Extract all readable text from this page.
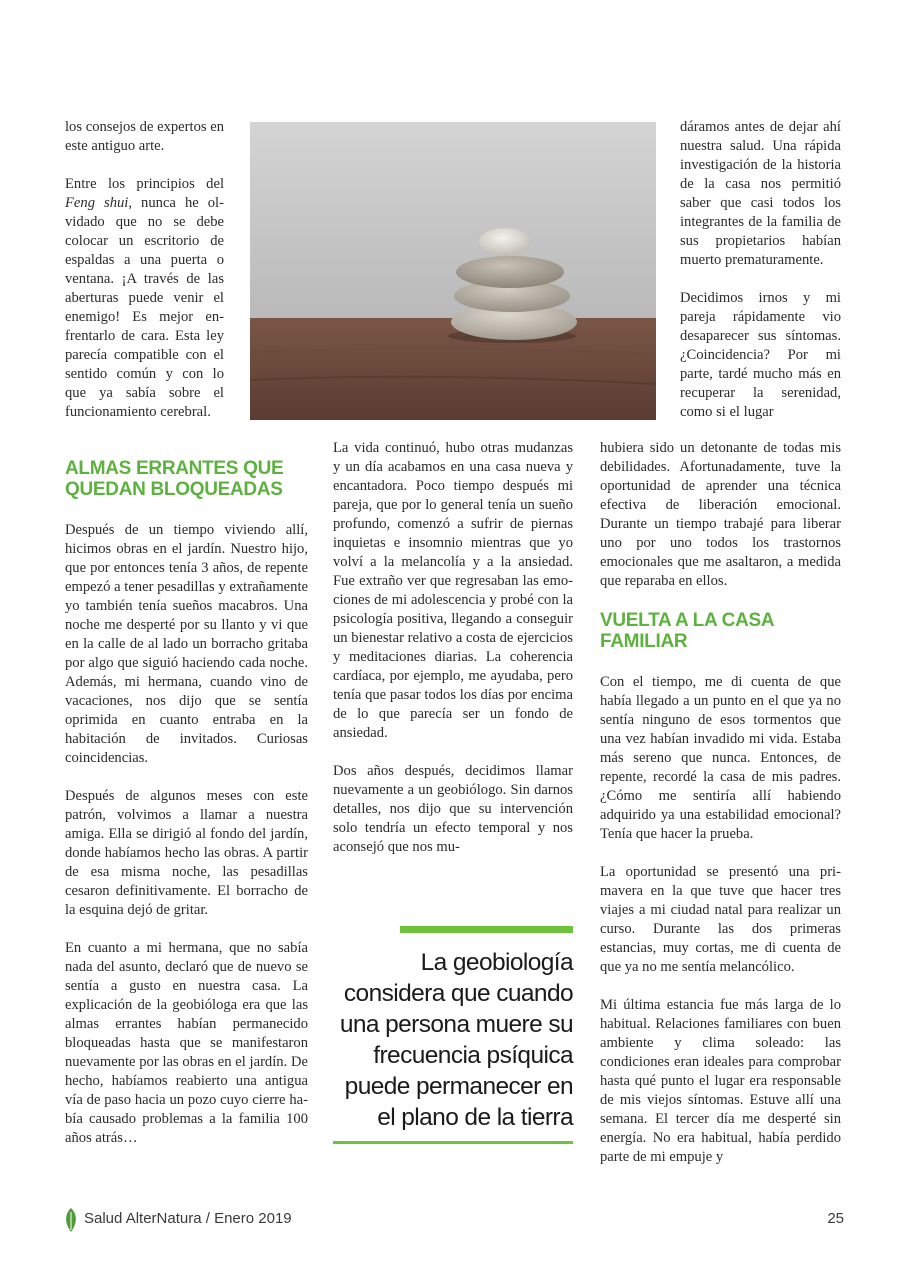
los consejos de expertos en este antiguo arte.

Entre los principios del Feng shui, nunca he olvidado que no se debe colocar un escritorio de espaldas a una puerta o ventana. ¡A través de las aberturas puede venir el enemigo! Es mejor enfrentarlo de cara. Esta ley parecía compatible con el sentido común y con lo que ya sabía sobre el funcionamiento cerebral.

ALMAS ERRANTES QUE QUEDAN BLOQUEADAS

Después de un tiempo viviendo allí, hicimos obras en el jardín. Nuestro hijo, que por entonces tenía 3 años, de repente empezó a tener pesadillas y extrañamente yo también tenía sueños macabros. Una noche me desperté por su llanto y vi que en la calle de al lado un borracho gritaba por algo que siguió haciendo cada noche. Además, mi hermana, cuando vino de vacaciones, nos dijo que se sentía oprimida en cuanto entraba en la habitación de invitados. Curiosas coincidencias.

Después de algunos meses con este patrón, volvimos a llamar a nuestra amiga. Ella se dirigió al fondo del jardín, donde habíamos hecho las obras. A partir de esa misma noche, las pesadillas cesaron definitivamente. El borracho de la esquina dejó de gritar.

En cuanto a mi hermana, que no sabía nada del asunto, declaró que de nuevo se sentía a gusto en nuestra casa. La explicación de la geobióloga era que las almas errantes habían permanecido bloqueadas hasta que se manifestaron nuevamente por las obras en el jardín. De hecho, habíamos reabierto una antigua vía de paso hacia un pozo cuyo cierre había causado problemas a la familia 100 años atrás…

La vida continuó, hubo otras mudanzas y un día acabamos en una casa nueva y encantadora. Poco tiempo después mi pareja, que por lo general tenía un sueño profundo, comenzó a sufrir de piernas inquietas e insomnio mientras que yo volví a la melancolía y a la ansiedad. Fue extraño ver que regresaban las emociones de mi adolescencia y probé con la psicología positiva, llegando a conseguir un bienestar relativo a costa de ejercicios y meditaciones diarias. La coherencia cardíaca, por ejemplo, me ayudaba, pero tenía que pasar todos los días por encima de lo que parecía ser un fondo de ansiedad.

Dos años después, decidimos llamar nuevamente a un geobiólogo. Sin darnos detalles, nos dijo que su intervención solo tendría un efecto temporal y nos aconsejó que nos mu-

La geobiología considera que cuando una persona muere su frecuencia psíquica puede permanecer en el plano de la tierra

dáramos antes de dejar ahí nuestra salud. Una rápida investigación de la historia de la casa nos permitió saber que casi todos los integrantes de la familia de sus propietarios habían muerto prematuramente.

Decidimos irnos y mi pareja rápidamente vio desaparecer sus síntomas. ¿Coincidencia? Por mi parte, tardé mucho más en recuperar la serenidad, como si el lugar

hubiera sido un detonante de todas mis debilidades. Afortunadamente, tuve la oportunidad de aprender una técnica efectiva de liberación emocional. Durante un tiempo trabajé para liberar uno por uno todos los trastornos emocionales que me asaltaron, a medida que reparaba en ellos.

VUELTA A LA CASA FAMILIAR

Con el tiempo, me di cuenta de que había llegado a un punto en el que ya no sentía ninguno de esos tormentos que una vez habían invadido mi vida. Estaba más sereno que nunca. Entonces, de repente, recordé la casa de mis padres. ¿Cómo me sentiría allí habiendo adquirido ya una estabilidad emocional? Tenía que hacer la prueba.

La oportunidad se presentó una primavera en la que tuve que hacer tres viajes a mi ciudad natal para realizar un curso. Durante las dos primeras estancias, muy cortas, me di cuenta de que ya no me sentía melancólico.

Mi última estancia fue más larga de lo habitual. Relaciones familiares con buen ambiente y clima soleado: las condiciones eran ideales para comprobar hasta qué punto el lugar era responsable de mis viejos síntomas. Estuve allí una semana. El tercer día me desperté sin energía. No era habitual, había perdido parte de mi empuje y

Salud AlterNatura / Enero 2019	25
